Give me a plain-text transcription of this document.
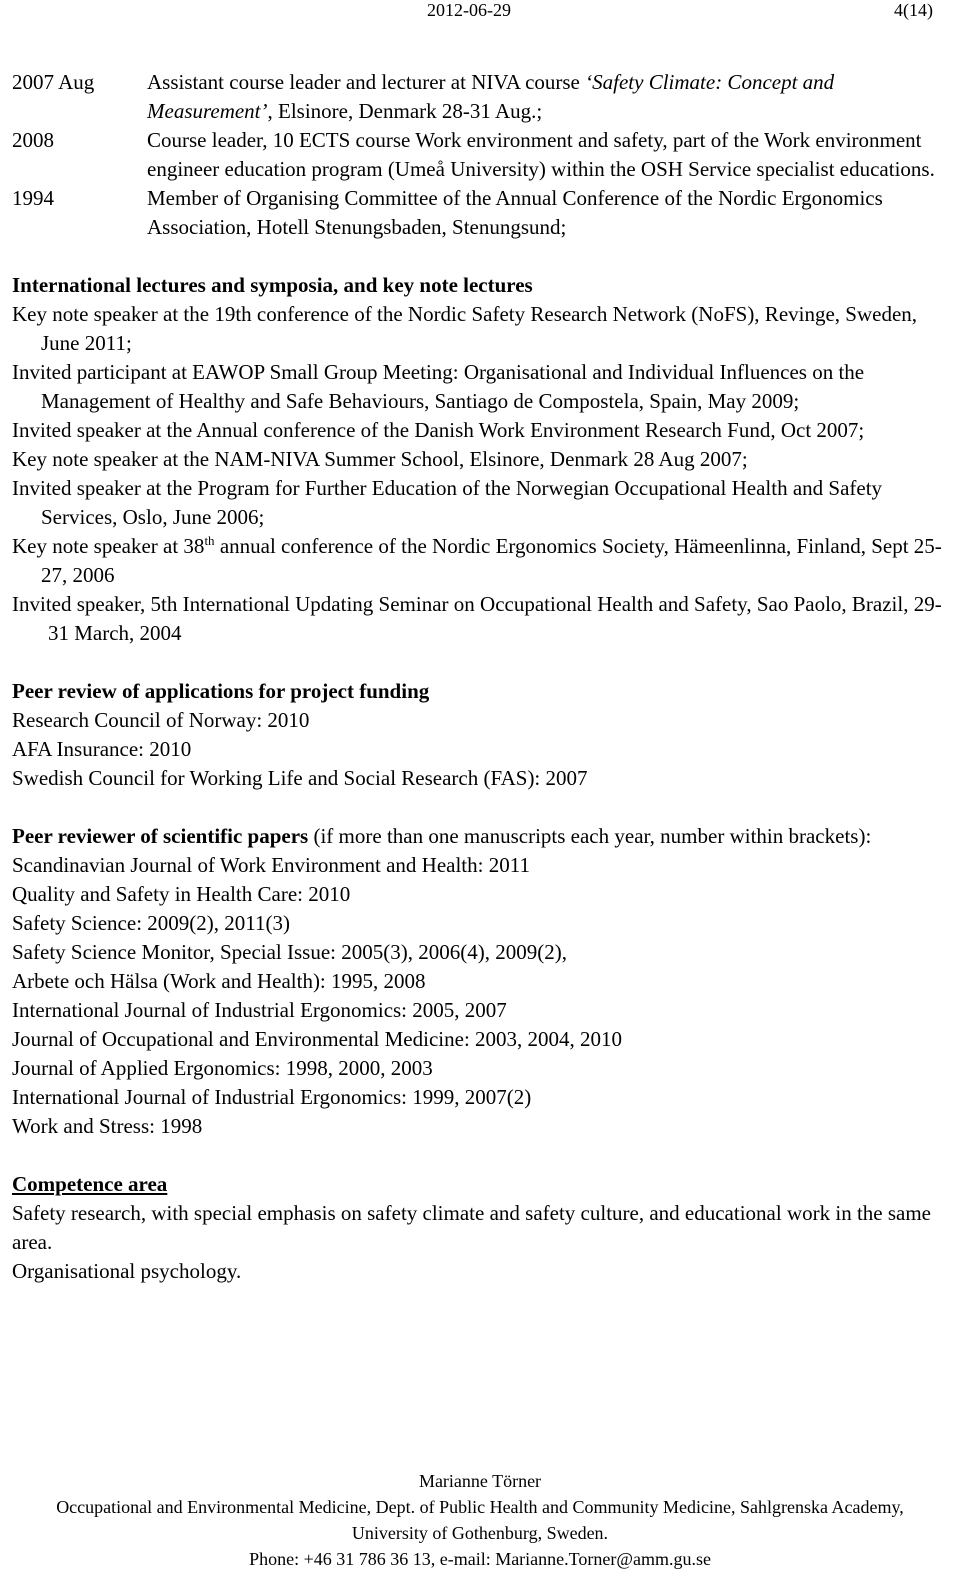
2012-06-29	4(14)
2007 Aug	Assistant course leader and lecturer at NIVA course ‘Safety Climate: Concept and Measurement’, Elsinore, Denmark 28-31 Aug.;
2008	Course leader, 10 ECTS course Work environment and safety, part of the Work environment engineer education program (Umeå University) within the OSH Service specialist educations.
1994	Member of Organising Committee of the Annual Conference of the Nordic Ergonomics Association, Hotell Stenungsbaden, Stenungsund;
International lectures and symposia, and key note lectures
Key note speaker at the 19th conference of the Nordic Safety Research Network (NoFS), Revinge, Sweden, June 2011;
Invited participant at EAWOP Small Group Meeting: Organisational and Individual Influences on the Management of Healthy and Safe Behaviours, Santiago de Compostela, Spain, May 2009;
Invited speaker at the Annual conference of the Danish Work Environment Research Fund, Oct 2007;
Key note speaker at the NAM-NIVA Summer School, Elsinore, Denmark 28 Aug 2007;
Invited speaker at the Program for Further Education of the Norwegian Occupational Health and Safety Services, Oslo, June 2006;
Key note speaker at 38th annual conference of the Nordic Ergonomics Society, Hämeenlinna, Finland, Sept 25-27, 2006
Invited speaker, 5th International Updating Seminar on Occupational Health and Safety, Sao Paolo, Brazil, 29-31 March, 2004
Peer review of applications for project funding
Research Council of Norway: 2010
AFA Insurance: 2010
Swedish Council for Working Life and Social Research (FAS): 2007
Peer reviewer of scientific papers (if more than one manuscripts each year, number within brackets):
Scandinavian Journal of Work Environment and Health: 2011
Quality and Safety in Health Care: 2010
Safety Science: 2009(2), 2011(3)
Safety Science Monitor, Special Issue: 2005(3), 2006(4), 2009(2),
Arbete och Hälsa (Work and Health): 1995, 2008
International Journal of Industrial Ergonomics: 2005, 2007
Journal of Occupational and Environmental Medicine: 2003, 2004, 2010
Journal of Applied Ergonomics: 1998, 2000, 2003
International Journal of Industrial Ergonomics: 1999, 2007(2)
Work and Stress: 1998
Competence area
Safety research, with special emphasis on safety climate and safety culture, and educational work in the same area.
Organisational psychology.
Marianne Törner
Occupational and Environmental Medicine, Dept. of Public Health and Community Medicine, Sahlgrenska Academy,
University of Gothenburg, Sweden.
Phone: +46 31 786 36 13, e-mail: Marianne.Torner@amm.gu.se
